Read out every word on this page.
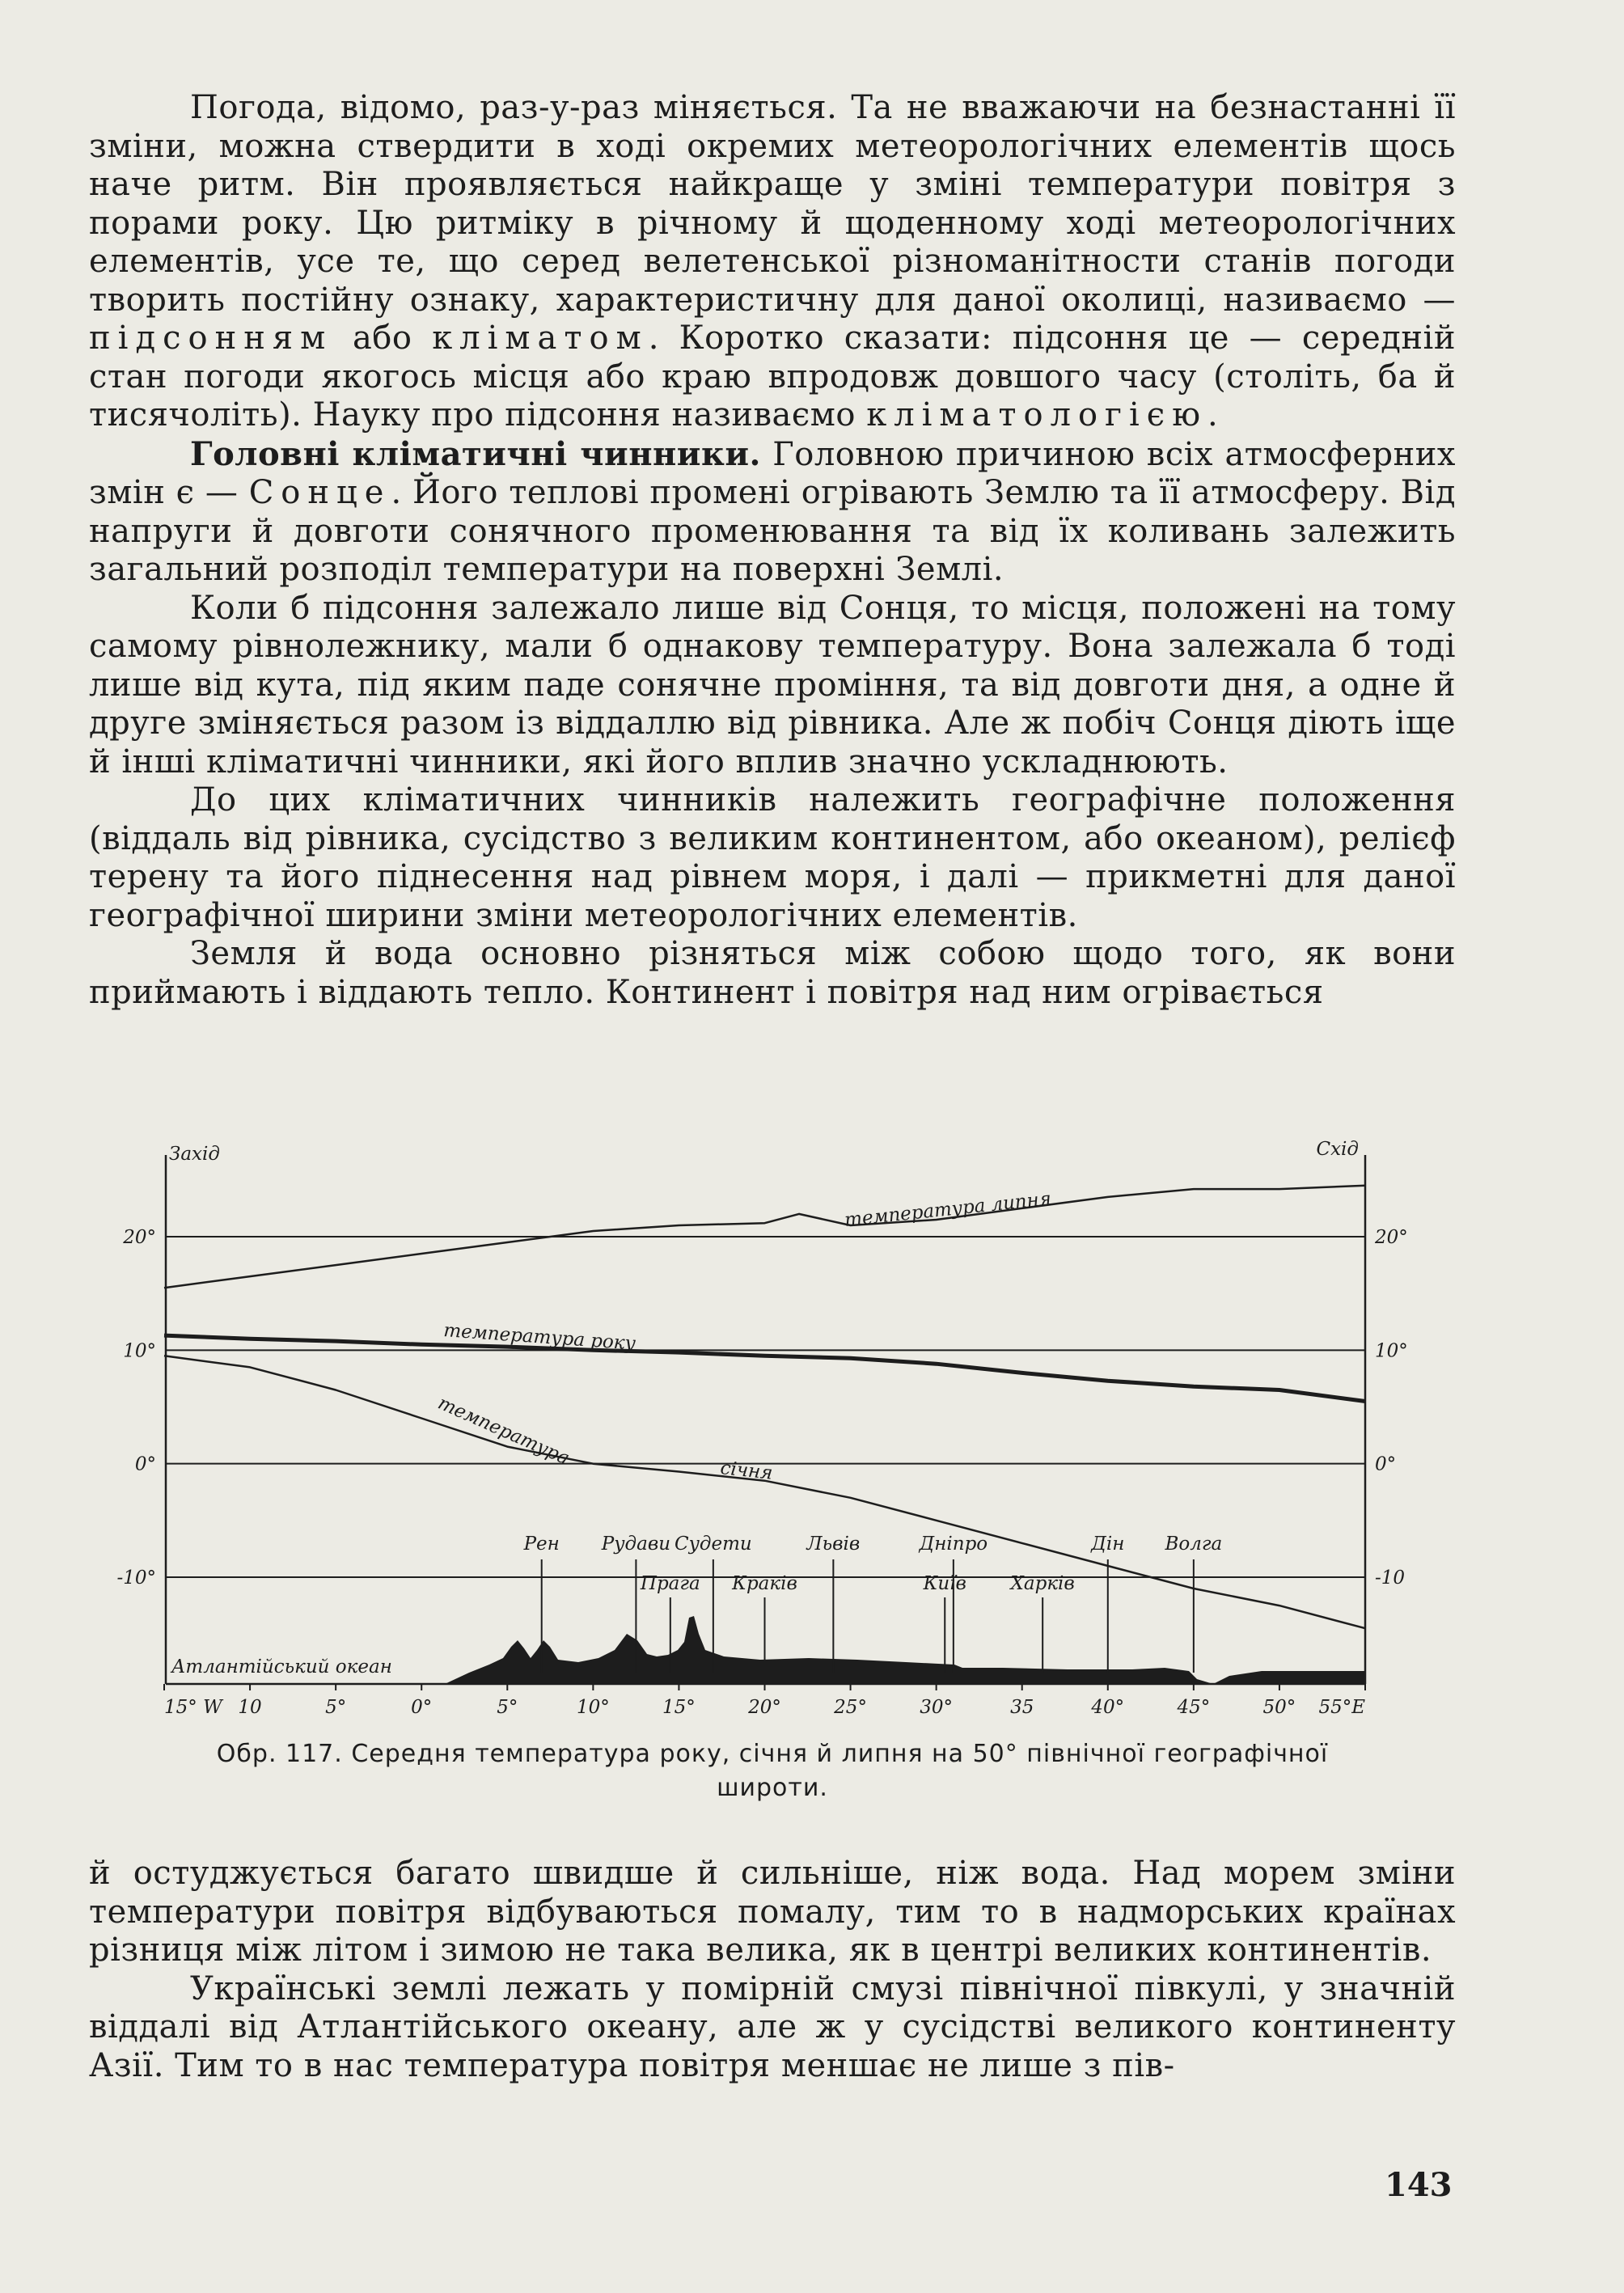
Погода, відомо, раз-у-раз міняється. Та не вважаючи на безнастанні її зміни, можна ствердити в ході окремих метеорологічних елементів щось наче ритм. Він проявляється найкраще у зміні температури повітря з порами року. Цю ритміку в річному й щоденному ході метеорологічних елементів, усе те, що серед велетенської різноманітности станів погоди творить постійну ознаку, характеристичну для даної околиці, називаємо — підсонням або кліматом. Коротко сказати: підсоння це — середній стан погоди якогось місця або краю впродовж довшого часу (століть, ба й тисячоліть). Науку про підсоння називаємо кліматологією.

Головні кліматичні чинники. Головною причиною всіх атмосферних змін є — Сонце. Його теплові промені огрівають Землю та її атмосферу. Від напруги й довготи сонячного променювання та від їх коливань залежить загальний розподіл температури на поверхні Землі.

Коли б підсоння залежало лише від Сонця, то місця, положені на тому самому рівнолежнику, мали б однакову температуру. Вона залежала б тоді лише від кута, під яким паде сонячне проміння, та від довготи дня, а одне й друге зміняється разом із віддаллю від рівника. Але ж побіч Сонця діють іще й інші кліматичні чинники, які його вплив значно ускладнюють.

До цих кліматичних чинників належить географічне положення (віддаль від рівника, сусідство з великим континентом, або океаном), релієф терену та його піднесення над рівнем моря, і далі — прикметні для даної географічної ширини зміни метеорологічних елементів.

Земля й вода основно різняться між собою щодо того, як вони приймають і віддають тепло. Континент і повітря над ним огрівається

20°	20°
10°	10°
0°	0°
-10°	-10
Захід	Схід
15° W 10	5°	0°	5°	10°	15°	20°	25°	30°	35	40°	45°	50° 55°E
Атлантійський океан
Рен Рудави Судети	Львів	Дніпро	Дін Волга
Прага Краків	Київ Харків
температура липня
температура року
температура
січня
Обр. 117. Середня температура року, січня й липня на 50° північної географічної
широти.

й остуджується багато швидше й сильніше, ніж вода. Над морем зміни температури повітря відбуваються помалу, тим то в надморських країнах різниця між літом і зимою не така велика, як в центрі великих континентів.

Українські землі лежать у помірній смузі північної півкулі, у значній віддалі від Атлантійського океану, але ж у сусідстві великого континенту Азії. Тим то в нас температура повітря меншає не лише з пів-

143
